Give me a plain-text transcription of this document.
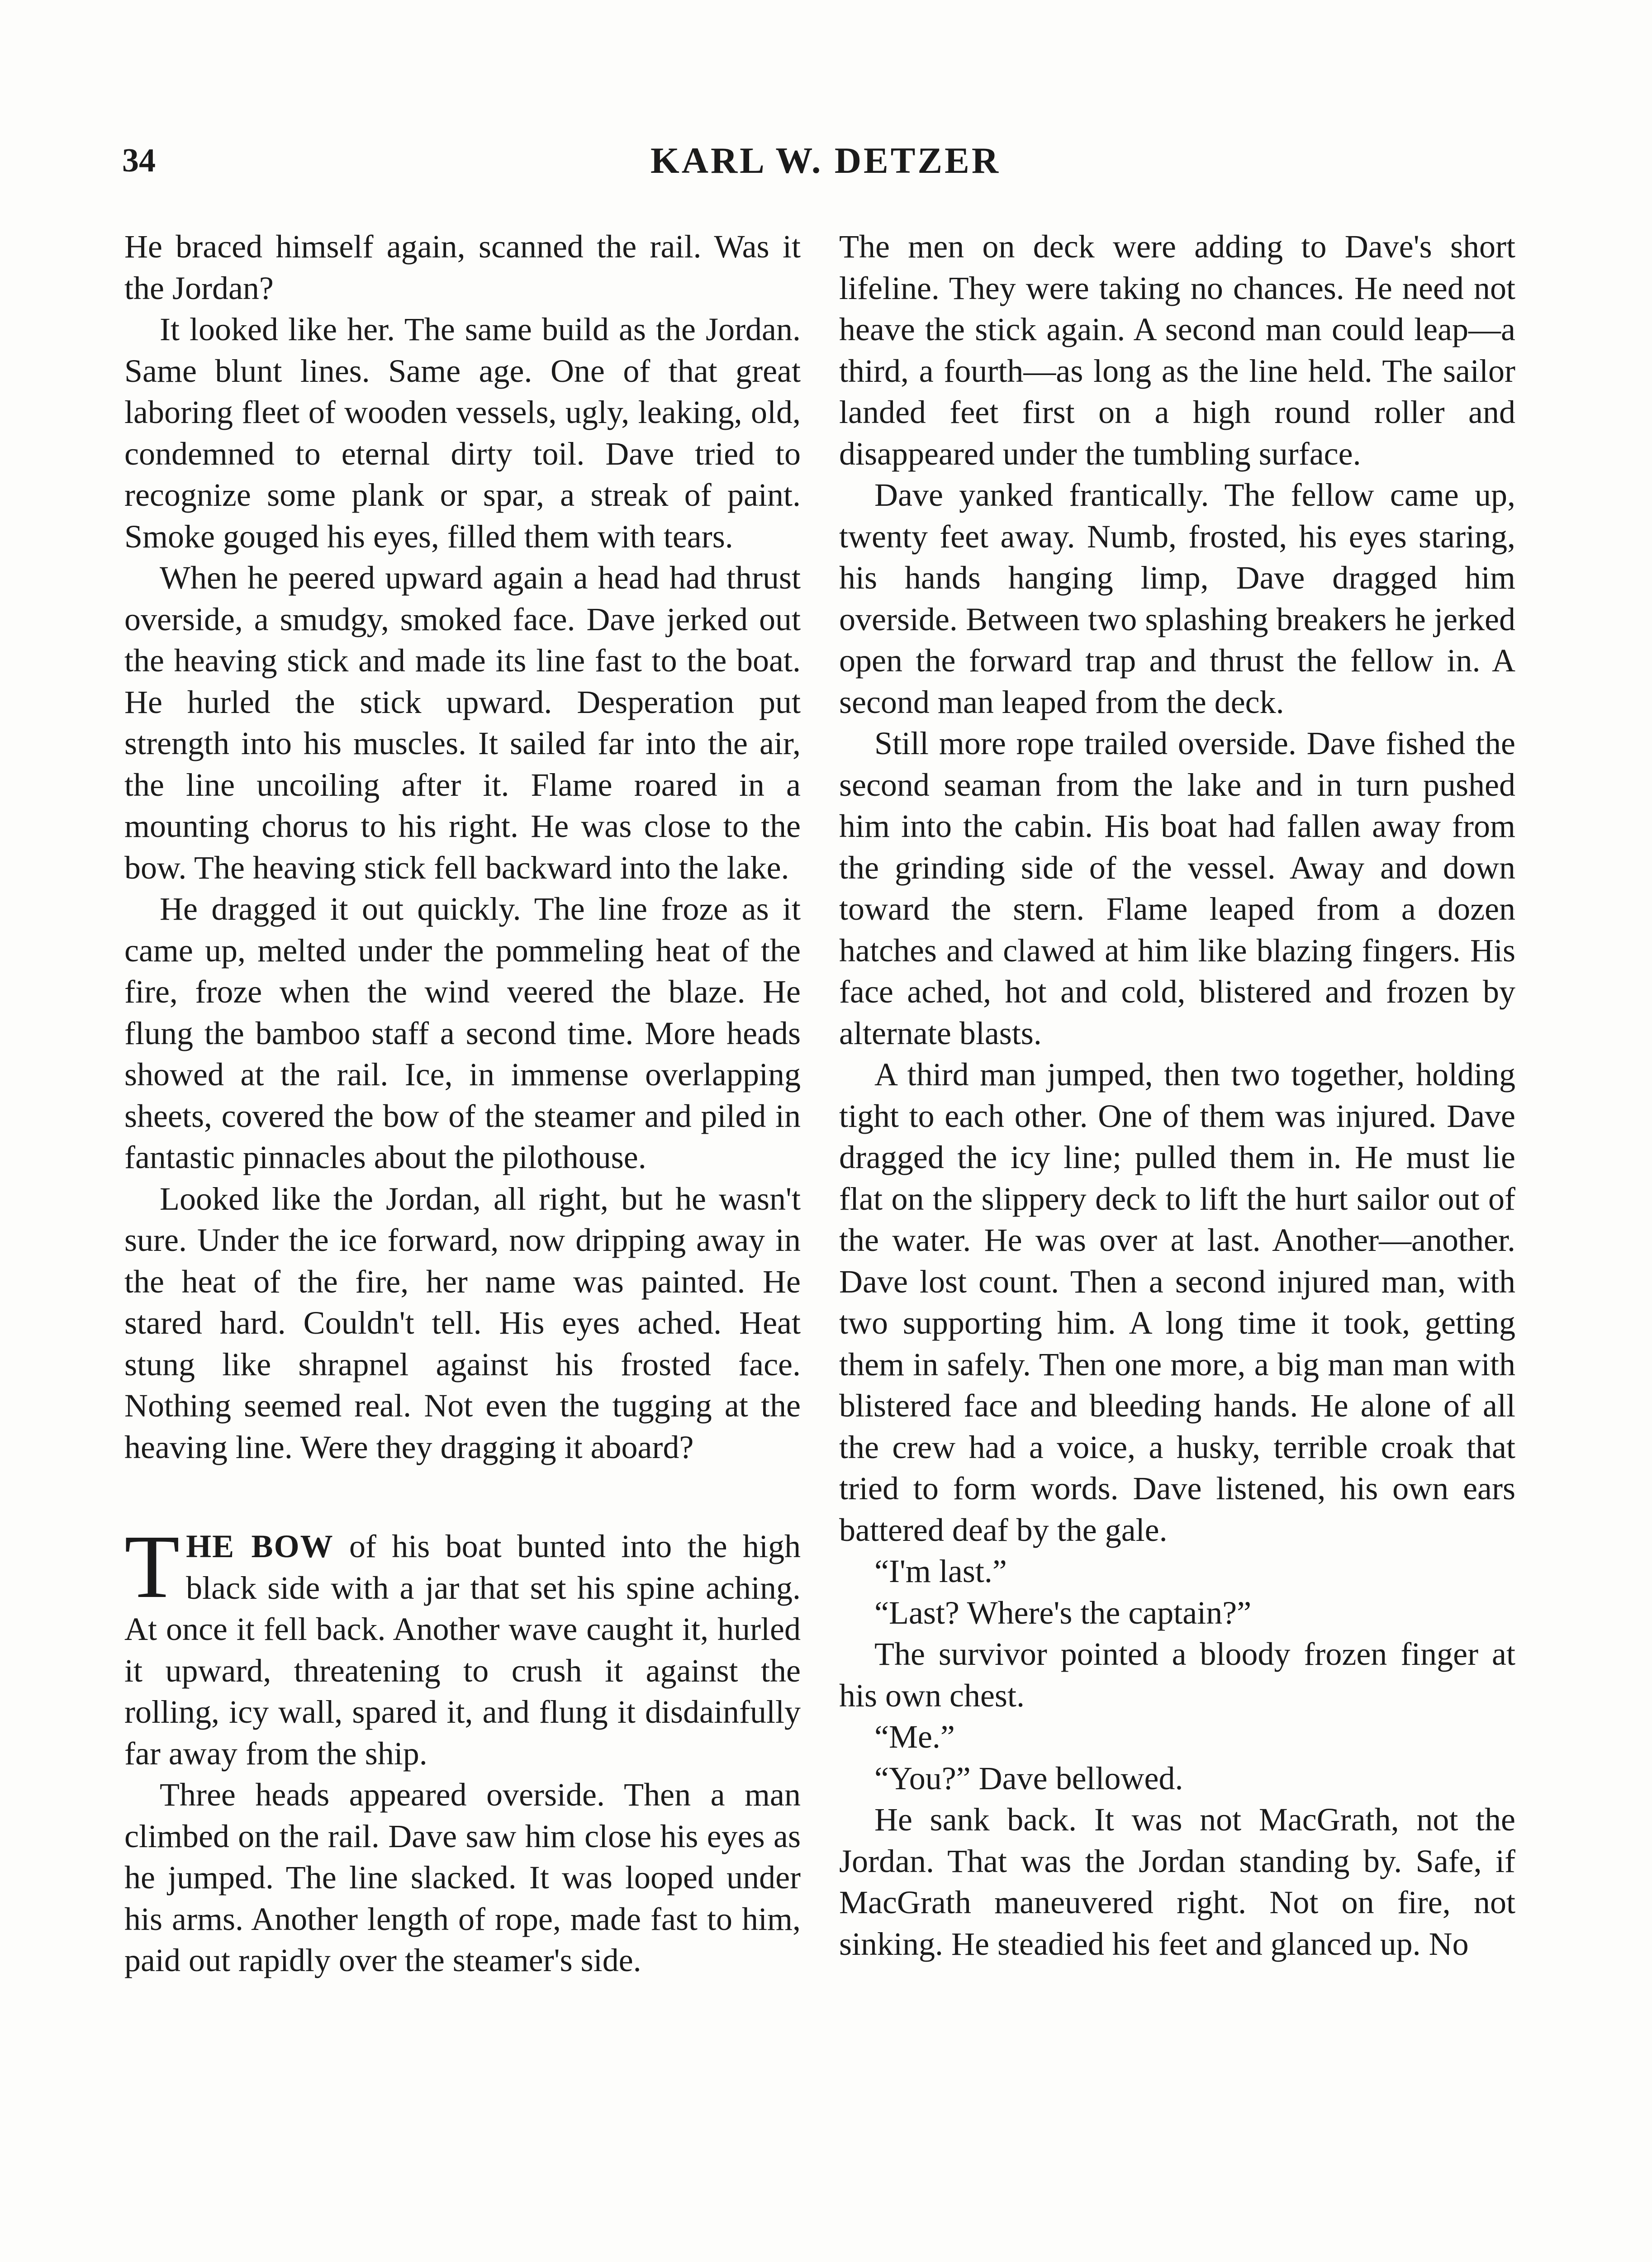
34	KARL W. DETZER

He braced himself again, scanned the rail. Was it the Jordan?

It looked like her. The same build as the Jordan. Same blunt lines. Same age. One of that great laboring fleet of wooden vessels, ugly, leaking, old, condemned to eternal dirty toil. Dave tried to recognize some plank or spar, a streak of paint. Smoke gouged his eyes, filled them with tears.

When he peered upward again a head had thrust overside, a smudgy, smoked face. Dave jerked out the heaving stick and made its line fast to the boat. He hurled the stick upward. Desperation put strength into his muscles. It sailed far into the air, the line uncoiling after it. Flame roared in a mounting chorus to his right. He was close to the bow. The heaving stick fell backward into the lake.

He dragged it out quickly. The line froze as it came up, melted under the pommeling heat of the fire, froze when the wind veered the blaze. He flung the bamboo staff a second time. More heads showed at the rail. Ice, in immense overlapping sheets, covered the bow of the steamer and piled in fantastic pinnacles about the pilothouse.

Looked like the Jordan, all right, but he wasn't sure. Under the ice forward, now dripping away in the heat of the fire, her name was painted. He stared hard. Couldn't tell. His eyes ached. Heat stung like shrapnel against his frosted face. Nothing seemed real. Not even the tugging at the heaving line. Were they dragging it aboard?

THE BOW of his boat bunted into the high black side with a jar that set his spine aching. At once it fell back. Another wave caught it, hurled it upward, threatening to crush it against the rolling, icy wall, spared it, and flung it disdainfully far away from the ship.

Three heads appeared overside. Then a man climbed on the rail. Dave saw him close his eyes as he jumped. The line slacked. It was looped under his arms. Another length of rope, made fast to him, paid out rapidly over the steamer's side.

The men on deck were adding to Dave's short lifeline. They were taking no chances. He need not heave the stick again. A second man could leap—a third, a fourth—as long as the line held. The sailor landed feet first on a high round roller and disappeared under the tumbling surface.

Dave yanked frantically. The fellow came up, twenty feet away. Numb, frosted, his eyes staring, his hands hanging limp, Dave dragged him overside. Between two splashing breakers he jerked open the forward trap and thrust the fellow in. A second man leaped from the deck.

Still more rope trailed overside. Dave fished the second seaman from the lake and in turn pushed him into the cabin. His boat had fallen away from the grinding side of the vessel. Away and down toward the stern. Flame leaped from a dozen hatches and clawed at him like blazing fingers. His face ached, hot and cold, blistered and frozen by alternate blasts.

A third man jumped, then two together, holding tight to each other. One of them was injured. Dave dragged the icy line; pulled them in. He must lie flat on the slippery deck to lift the hurt sailor out of the water. He was over at last. Another—another. Dave lost count. Then a second injured man, with two supporting him. A long time it took, getting them in safely. Then one more, a big man man with blistered face and bleeding hands. He alone of all the crew had a voice, a husky, terrible croak that tried to form words. Dave listened, his own ears battered deaf by the gale.

“I'm last.”

“Last? Where's the captain?”

The survivor pointed a bloody frozen finger at his own chest.

“Me.”

“You?” Dave bellowed.

He sank back. It was not MacGrath, not the Jordan. That was the Jordan standing by. Safe, if MacGrath maneuvered right. Not on fire, not sinking. He steadied his feet and glanced up. No
